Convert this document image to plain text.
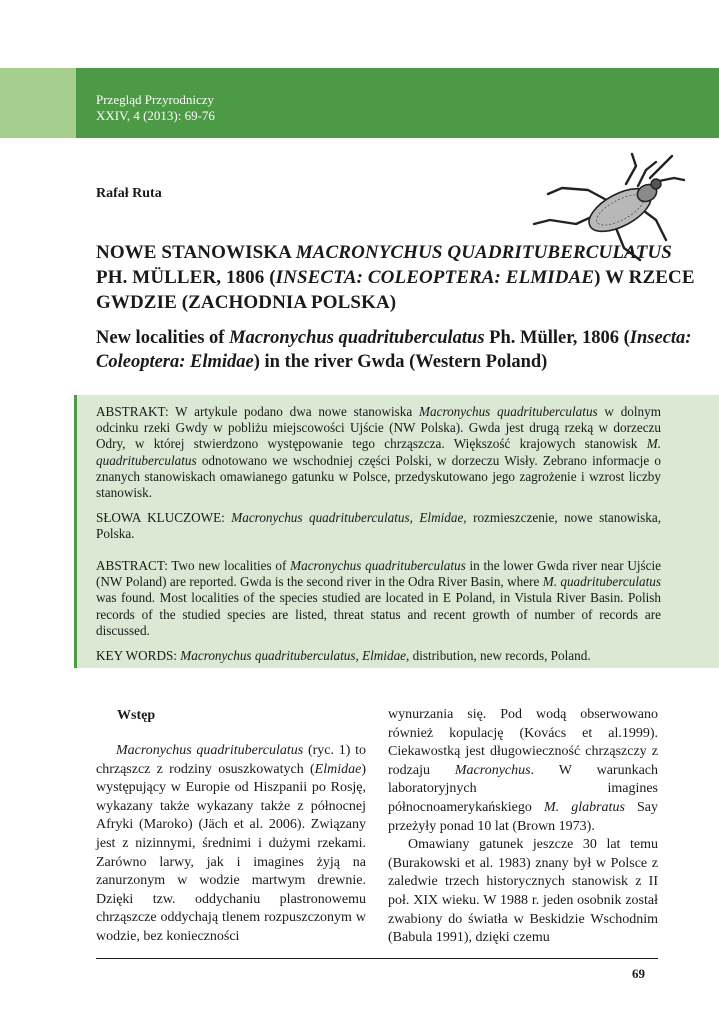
Przegląd Przyrodniczy
XXIV, 4 (2013): 69-76
Rafał Ruta
NOWE STANOWISKA MACRONYCHUS QUADRITUBERCULATUS PH. MÜLLER, 1806 (INSECTA: COLEOPTERA: ELMIDAE) W RZECE GWDZIE (ZACHODNIA POLSKA)
New localities of Macronychus quadrituberculatus Ph. Müller, 1806 (Insecta: Coleoptera: Elmidae) in the river Gwda (Western Poland)
ABSTRAKT: W artykule podano dwa nowe stanowiska Macronychus quadrituberculatus w dolnym odcinku rzeki Gwdy w pobliżu miejscowości Ujście (NW Polska). Gwda jest drugą rzeką w dorzeczu Odry, w której stwierdzono występowanie tego chrząszcza. Większość krajowych stanowisk M. quadrituberculatus odnotowano we wschodniej części Polski, w dorzeczu Wisły. Zebrano informacje o znanych stanowiskach omawianego gatunku w Polsce, przedyskutowano jego zagrożenie i wzrost liczby stanowisk.
SŁOWA KLUCZOWE: Macronychus quadrituberculatus, Elmidae, rozmieszczenie, nowe stanowiska, Polska.
ABSTRACT: Two new localities of Macronychus quadrituberculatus in the lower Gwda river near Ujście (NW Poland) are reported. Gwda is the second river in the Odra River Basin, where M. quadrituberculatus was found. Most localities of the species studied are located in E Poland, in Vistula River Basin. Polish records of the studied species are listed, threat status and recent growth of number of records are discussed.
KEY WORDS: Macronychus quadrituberculatus, Elmidae, distribution, new records, Poland.
Wstęp

Macronychus quadrituberculatus (ryc. 1) to chrząszcz z rodziny osuszkowatych (Elmidae) występujący w Europie od Hiszpanii po Rosję, wykazany także wykazany także z północnej Afryki (Maroko) (Jäch et al. 2006). Związany jest z nizinnymi, średnimi i dużymi rzekami. Zarówno larwy, jak i imagines żyją na zanurzonym w wodzie martwym drewnie. Dzięki tzw. oddychaniu plastronowemu chrząszcze oddychają tlenem rozpuszczonym w wodzie, bez konieczności

wynurzania się. Pod wodą obserwowano również kopulację (Kovács et al.1999). Ciekawostką jest długowieczność chrząszczy z rodzaju Macronychus. W warunkach laboratoryjnych imagines północnoamerykańskiego M. glabratus Say przeżyły ponad 10 lat (Brown 1973).

Omawiany gatunek jeszcze 30 lat temu (Burakowski et al. 1983) znany był w Polsce z zaledwie trzech historycznych stanowisk z II poł. XIX wieku. W 1988 r. jeden osobnik został zwabiony do światła w Beskidzie Wschodnim (Babula 1991), dzięki czemu

69
